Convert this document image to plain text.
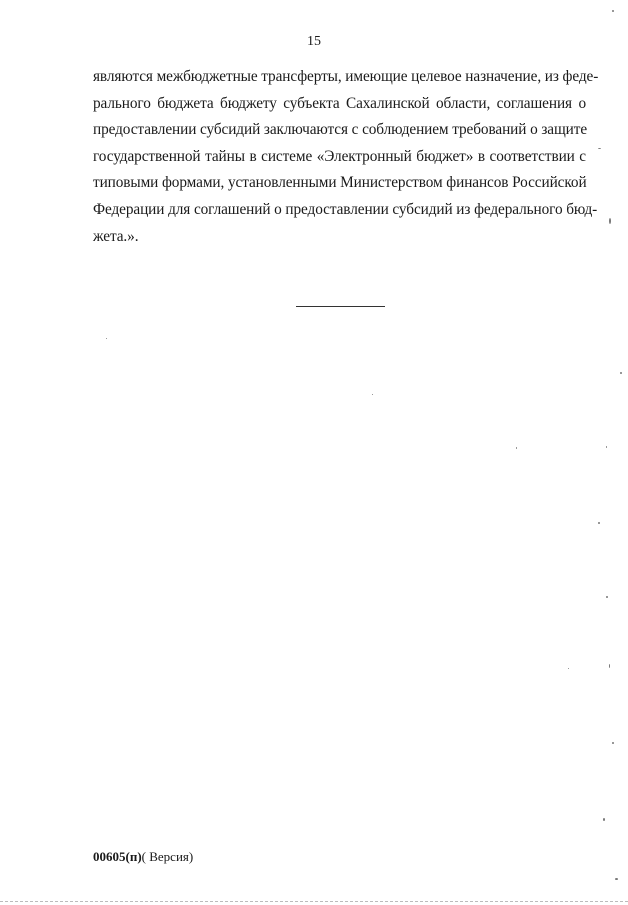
15
являются межбюджетные трансферты, имеющие целевое назначение, из феде-
рального бюджета бюджету субъекта Сахалинской области, соглашения о
предоставлении субсидий заключаются с соблюдением требований о защите
государственной тайны в системе «Электронный бюджет» в соответствии с
типовыми формами, установленными Министерством финансов Российской
Федерации для соглашений о предоставлении субсидий из федерального бюд-
жета.».
00605(п)( Версия)
